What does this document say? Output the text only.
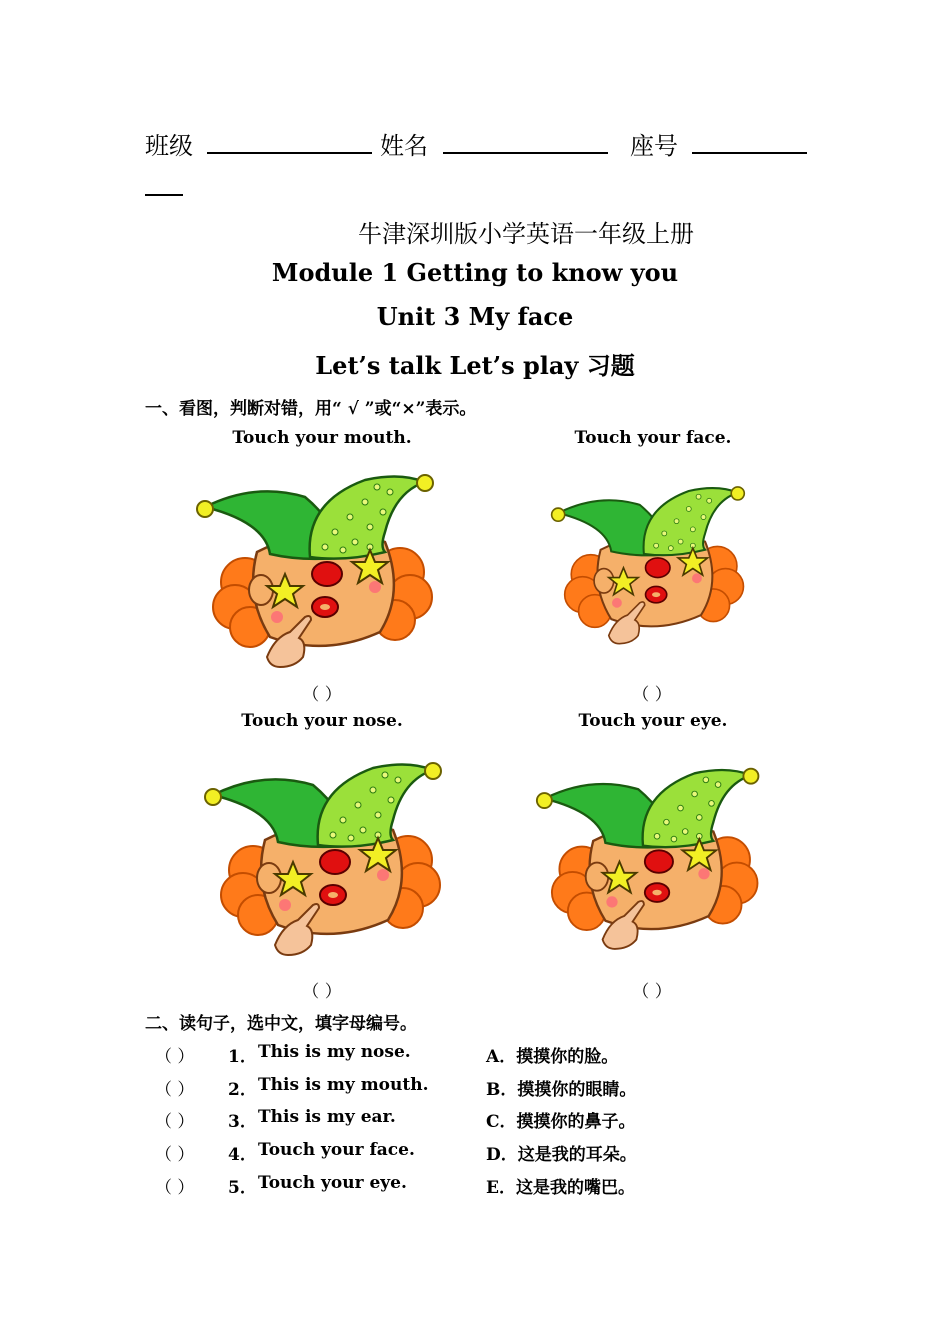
班级	姓名	座号
牛津深圳版小学英语一年级上册
Module 1 Getting to know you
Unit 3 My face
Let’s talk Let’s play 习题
一、看图，判断对错，用“ √ ”或“×”表示。
Touch your mouth.	Touch your face.
（ ）	（ ）
Touch your nose.	Touch your eye.
（ ）	（ ）
二、读句子，选中文，填字母编号。
（ ） 1． This is my nose.	A．摸摸你的脸。
（ ） 2． This is my mouth.	B．摸摸你的眼睛。
（ ） 3． This is my ear.	C．摸摸你的鼻子。
（ ） 4． Touch your face.	D．这是我的耳朵。
（ ） 5． Touch your eye.	E．这是我的嘴巴。
